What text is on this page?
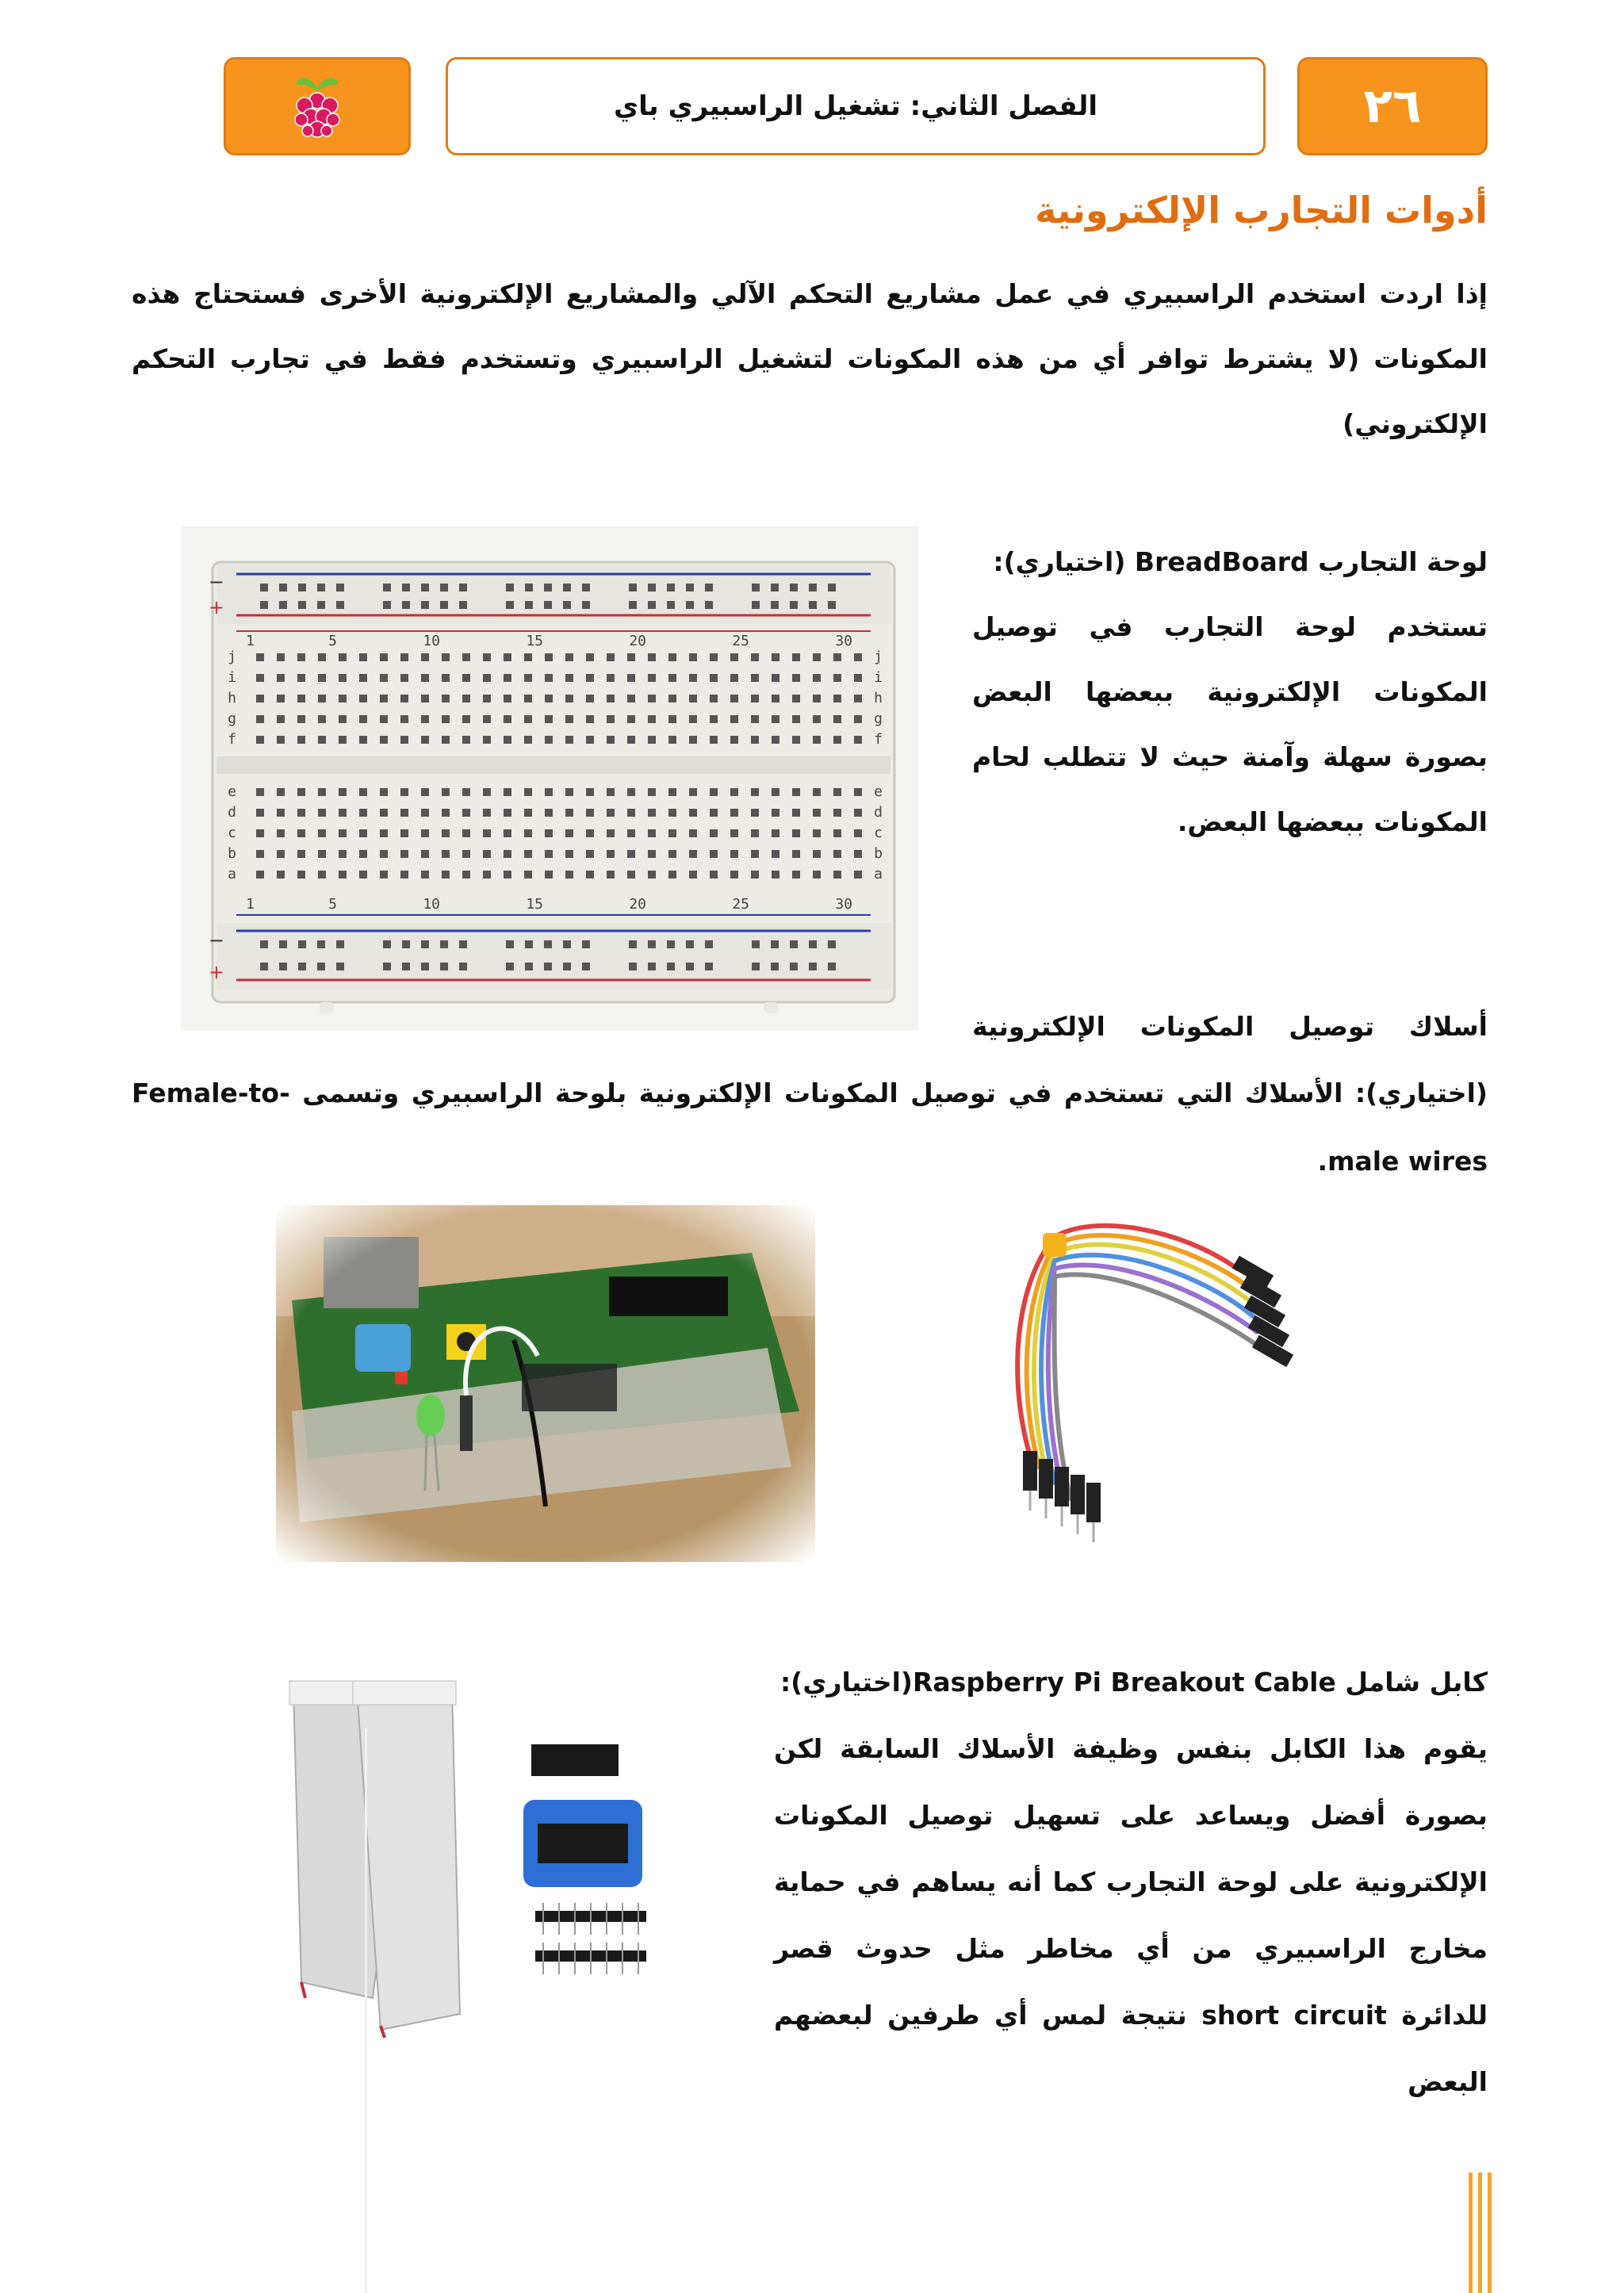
٢٦
الفصل الثاني: تشغيل الراسبيري باي
أدوات التجارب الإلكترونية
إذا اردت استخدم الراسبيري في عمل مشاريع التحكم الآلي والمشاريع الإلكترونية الأخرى فستحتاج هذه المكونات (لا يشترط توافر أي من هذه المكونات لتشغيل الراسبيري وتستخدم فقط في تجارب التحكم الإلكتروني)
لوحة التجارب BreadBoard (اختياري):
تستخدم لوحة التجارب في توصيل المكونات الإلكترونية ببعضها البعض بصورة سهلة وآمنة حيث لا تتطلب لحام المكونات ببعضها البعض.
−
+
−
+
j	j
i	i
h	h
g	g
f	f
e	e
d	d
c	c
b	b
a	a
1
1
5
5
10
10
15
15
20
20
25
25
30
30
أسلاك توصيل المكونات الإلكترونية
(اختياري): الأسلاك التي تستخدم في توصيل المكونات الإلكترونية بلوحة الراسبيري وتسمى Female-to-male wires.
كابل شامل Raspberry Pi Breakout Cable(اختياري):
يقوم هذا الكابل بنفس وظيفة الأسلاك السابقة لكن بصورة أفضل ويساعد على تسهيل توصيل المكونات الإلكترونية على لوحة التجارب كما أنه يساهم في حماية مخارج الراسبيري من أي مخاطر مثل حدوث قصر للدائرة short circuit نتيجة لمس أي طرفين لبعضهم البعض
